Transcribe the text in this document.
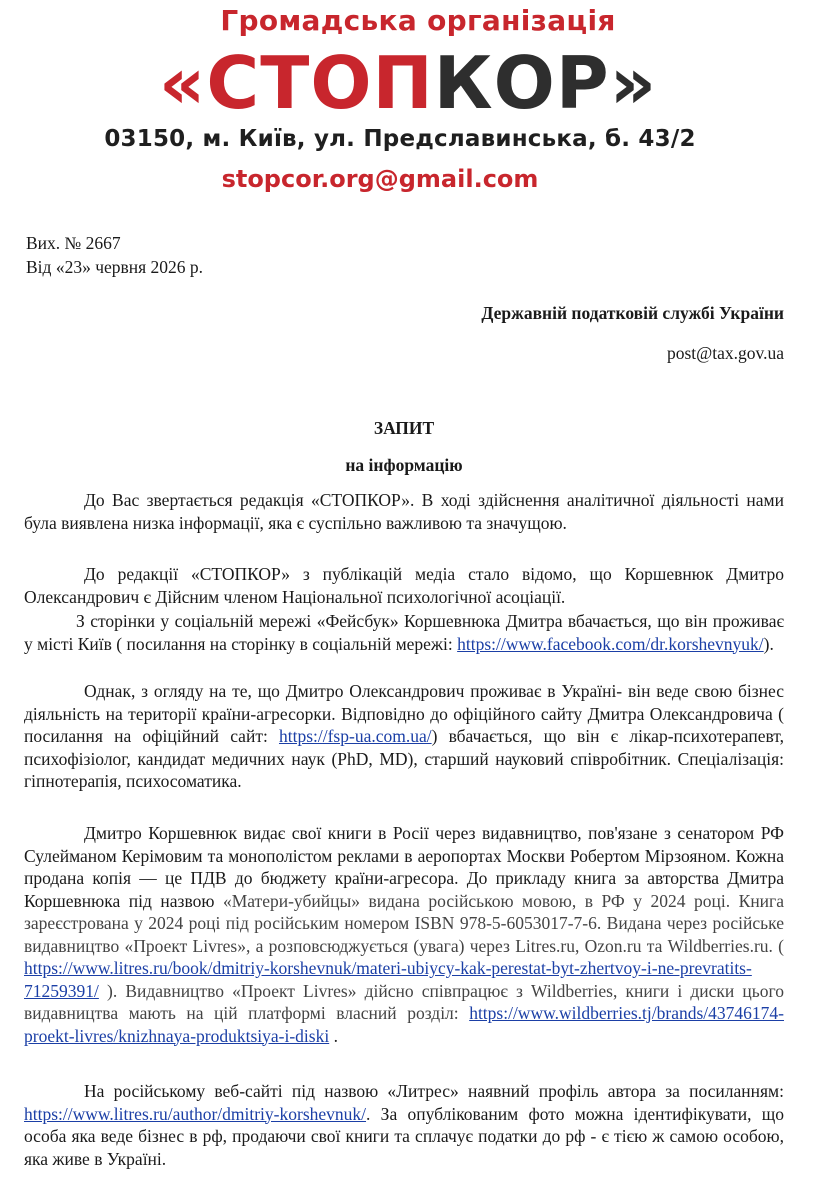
Громадська організація
«СТОПКОР»
03150, м. Київ, ул. Предславинська, б. 43/2
stopcor.org@gmail.com
Вих. № 2667
Від «23» червня 2026 р.
Державній податковій службі України
post@tax.gov.ua
ЗАПИТ
на інформацію
До Вас звертається редакція «СТОПКОР». В ході здійснення аналітичної діяльності нами була виявлена низка інформації, яка є суспільно важливою та значущою.
До редакції «СТОПКОР» з публікацій медіа стало відомо, що Коршевнюк Дмитро Олександрович є Дійсним членом Національної психологічної асоціації.
З сторінки у соціальній мережі «Фейсбук» Коршевнюка Дмитра вбачається, що він проживає у місті Київ ( посилання на сторінку в соціальній мережі: https://www.facebook.com/dr.korshevnyuk/).
Однак, з огляду на те, що Дмитро Олександрович проживає в Україні- він веде свою бізнес діяльність на території країни-агресорки. Відповідно до офіційного сайту Дмитра Олександровича ( посилання на офіційний сайт: https://fsp-ua.com.ua/) вбачається, що він є лікар-психотерапевт, психофізіолог, кандидат медичних наук (PhD, MD), старший науковий співробітник. Спеціалізація: гіпнотерапія, психосоматика.
Дмитро Коршевнюк видає свої книги в Росії через видавництво, пов'язане з сенатором РФ Сулейманом Керімовим та монополістом реклами в аеропортах Москви Робертом Мірзояном. Кожна продана копія — це ПДВ до бюджету країни-агресора. До прикладу книга за авторства Дмитра Коршевнюка під назвою «Матери-убийцы» видана російською мовою, в РФ у 2024 році. Книга зареєстрована у 2024 році під російським номером ISBN 978-5-6053017-7-6. Видана через російське видавництво «Проект Livres», а розповсюджується (увага) через Litres.ru, Ozon.ru та Wildberries.ru. ( https://www.litres.ru/book/dmitriy-korshevnuk/materi-ubiycy-kak-perestat-byt-zhertvoy-i-ne-prevratits-71259391/ ). Видавництво «Проект Livres» дійсно співпрацює з Wildberries, книги і диски цього видавництва мають на цій платформі власний розділ: https://www.wildberries.tj/brands/43746174-proekt-livres/knizhnaya-produktsiya-i-diski .
На російському веб-сайті під назвою «Литрес» наявний профіль автора за посиланням: https://www.litres.ru/author/dmitriy-korshevnuk/. За опублікованим фото можна ідентифікувати, що особа яка веде бізнес в рф, продаючи свої книги та сплачує податки до рф - є тією ж самою особою, яка живе в Україні.
